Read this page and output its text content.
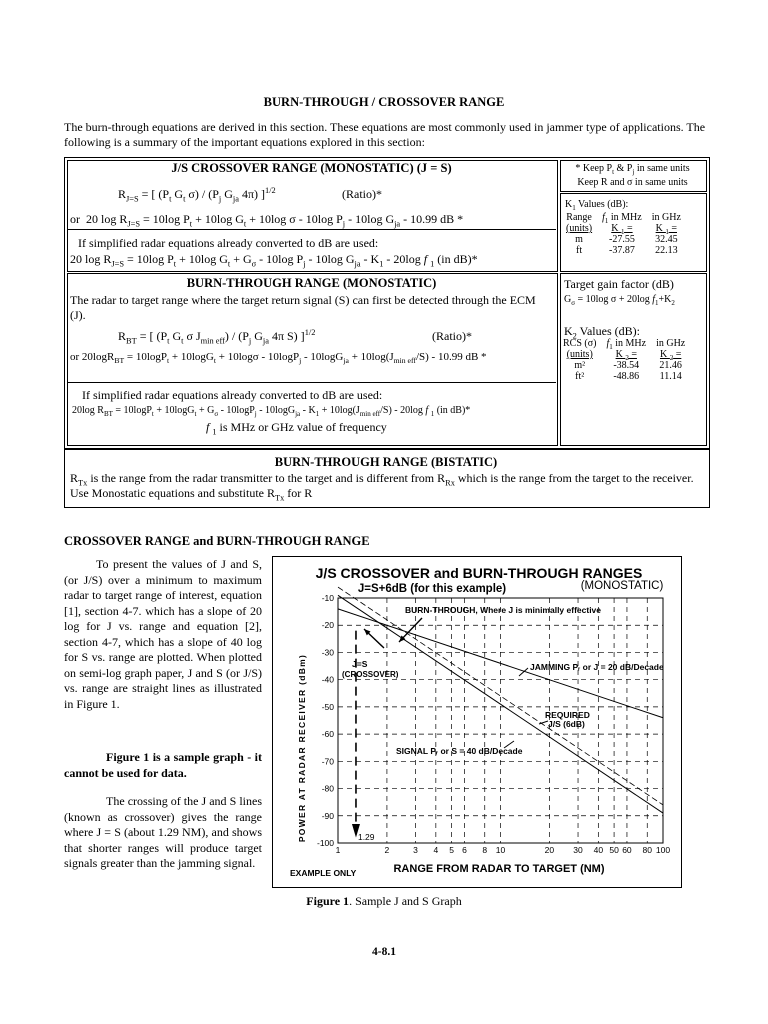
BURN-THROUGH / CROSSOVER RANGE
The burn-through equations are derived in this section. These equations are most commonly used in jammer type of applications. The following is a summary of the important equations explored in this section:
J/S CROSSOVER RANGE (MONOSTATIC) (J = S)
$R_{J=S}$ = [ ($P_t$ $G_t$ $\sigma) / (P_j$ $G_{ja}$ 4π) ]$^{1/2}$	(Ratio)*
or  20 $\log R_{J=S} = 10\log$ $P_t + 10\log$ $G_t + 10\log$ σ - 10log $P_j - 10\log$ $G_{ja} - 10.99$ dB *
If simplified radar equations already converted to dB are used:
20 $\log R_{J=S} = 10\log$ $P_t + 10\log$ $G_t + G_\sigma - 10\log$ $P_j - 10\log$ $G_{ja} - K_1 - 20\log$ f $_1$ (in dB)*
BURN-THROUGH RANGE (MONOSTATIC)
The radar to target range where the target return signal (S) can first be detected through the ECM (J).
$R_{BT}$ = [ ($P_t$ $G_t$ σ $J_{min eff}) / (P_j$ $G_{ja}$ 4π S) ]$^{1/2}$	(Ratio)*
or $20\log R_{BT} = 10\log P_t + 10\log G_t + 10\log\sigma - 10\log P_j - 10\log G_{ja} + 10\log(J_{min eff}/S) - 10.99$ dB *
If simplified radar equations already converted to dB are used:
20log $R_{BT} = 10\log P_t + 10\log G_t + G_\sigma - 10\log P_j - 10\log G_{ja} - K_1 + 10\log(J_{min eff}/S) - 20\log$ f $_1$ (in dB)*
f $_1$ is MHz or GHz value of frequency
* Keep $P_t$ & $P_j$ in same units
Keep R and σ in same units
$K_1$ Values (dB):
Range	$f_1$ in MHz	in GHz
(units)	K $_1$ =	K $_1$ =
m	-27.55	32.45
ft	-37.87	22.13
Target gain factor (dB)
$G_\sigma = 10\log$ σ + 20log $f_1+K_2$
$K_2$ Values (dB):
RCS (σ)	$f_1$ in MHz	in GHz
(units)	K $_2$ =	K $_2$ =
m²	-38.54	21.46
ft²	-48.86	11.14
BURN-THROUGH RANGE (BISTATIC)
$R_{Tx}$ is the range from the radar transmitter to the target and is different from $R_{Rx}$ which is the range from the target to the receiver.  Use Monostatic equations and substitute $R_{Tx}$ for R
CROSSOVER RANGE and BURN-THROUGH RANGE
To present the values of J and S, (or J/S) over a minimum to maximum radar to target range of interest, equation [1], section 4-7. which has a slope of 20 log for J vs. range and equation [2], section 4-7, which has a slope of 40 log for S vs. range are plotted. When plotted on semi-log graph paper, J and S (or J/S) vs. range are straight lines as illustrated in Figure 1.
Figure 1 is a sample graph - it cannot be used for data.
The crossing of the J and S lines (known as crossover) gives the range where J = S (about 1.29 NM), and shows that shorter ranges will produce target signals greater than the jamming signal.
J/S CROSSOVER and BURN-THROUGH RANGES
J=S+6dB (for this example)	(MONOSTATIC)
-10
-20
-30
-40
-50
-60
-70
-80
-90
-100
1	2	3 4 5 6 8 10	20 30 40 50 60 80 100
BURN-THROUGH, Where J is minimally effective
J=S
(CROSSOVER)
JAMMING Pᵣ or J = 20 dB/Decade
REQUIRED
J/S (6dB)
SIGNAL Pᵣ or S = 40 dB/Decade
1.29
POWER AT RADAR RECEIVER (dBm)
RANGE FROM RADAR TO TARGET (NM)
EXAMPLE ONLY
Figure 1. Sample J and S Graph
4-8.1
